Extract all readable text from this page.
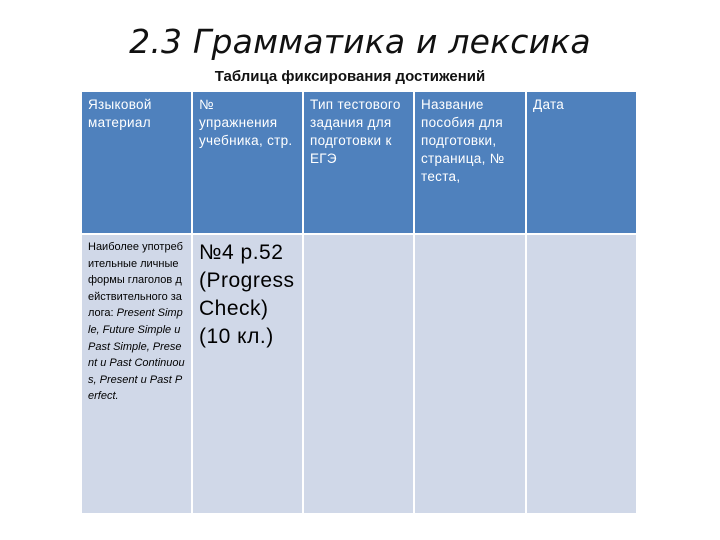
2.3 Грамматика и лексика
Таблица фиксирования достижений
Языковой материал	№ упражнения учебника, стр.	Тип тестового задания для подготовки к ЕГЭ	Название пособия для подготовки, страница, № теста,	Дата
Наиболее употребительные личные формы глаголов действительного залога: Present Simple, Future Simple и Past Simple, Present и Past Continuous, Present и Past Perfect.	№4 p.52 (Progress Check) (10 кл.)			
